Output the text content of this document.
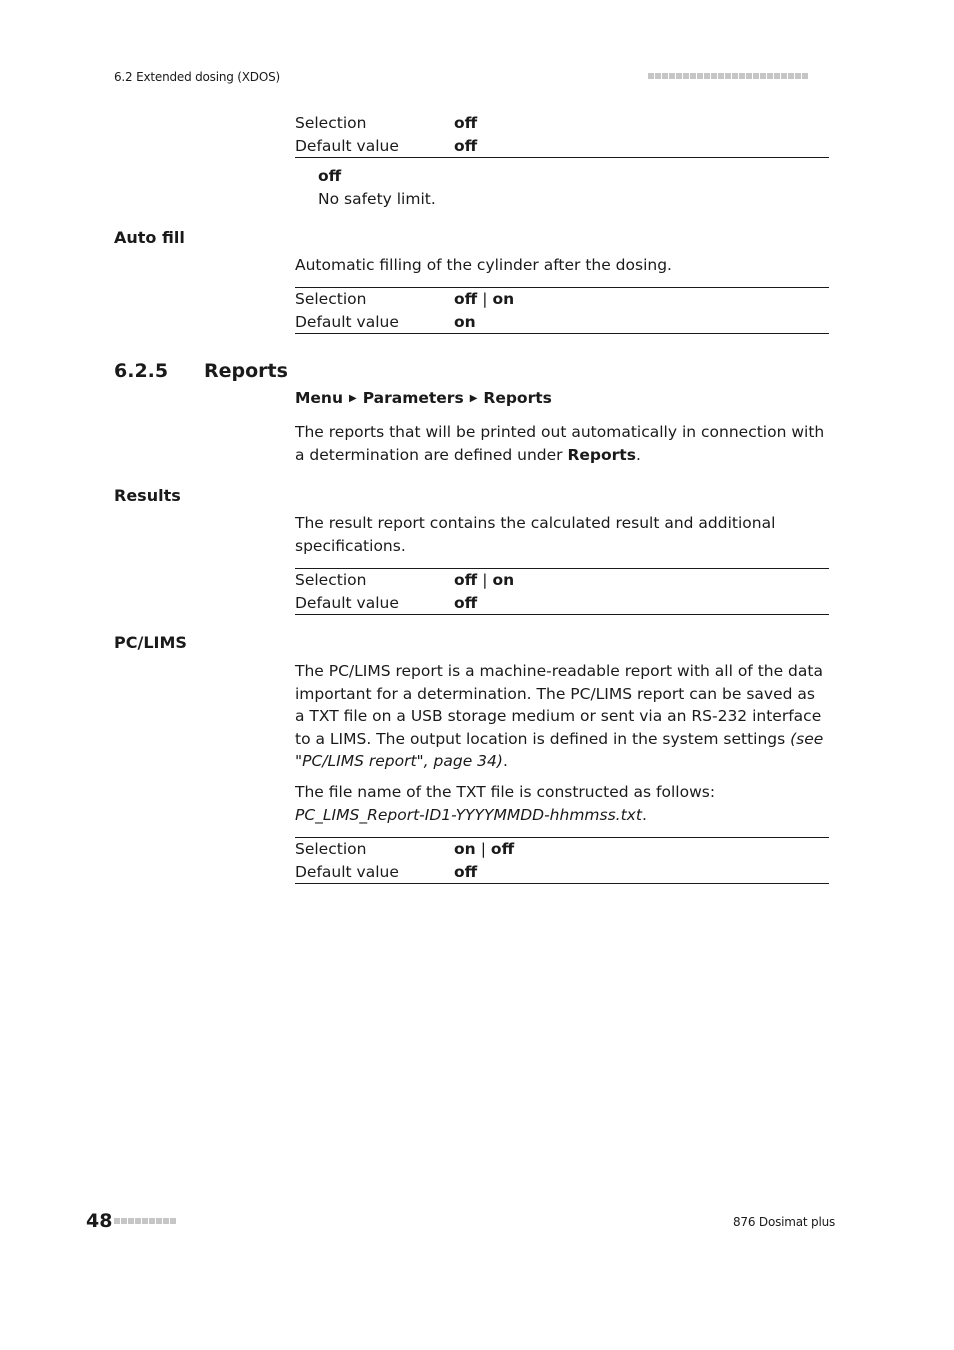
6.2 Extended dosing (XDOS)
Selection	off
Default value	off
off
No safety limit.
Auto fill
Automatic filling of the cylinder after the dosing.
Selection	off | on
Default value	on
6.2.5 Reports
Menu ▶ Parameters ▶ Reports
The reports that will be printed out automatically in connection with a determination are defined under Reports.
Results
The result report contains the calculated result and additional specifications.
Selection	off | on
Default value	off
PC/LIMS
The PC/LIMS report is a machine-readable report with all of the data important for a determination. The PC/LIMS report can be saved as a TXT file on a USB storage medium or sent via an RS-232 interface to a LIMS. The output location is defined in the system settings (see "PC/LIMS report", page 34).
The file name of the TXT file is constructed as follows: PC_LIMS_Report-ID1-YYYYMMDD-hhmmss.txt.
Selection	on | off
Default value	off
48	876 Dosimat plus
